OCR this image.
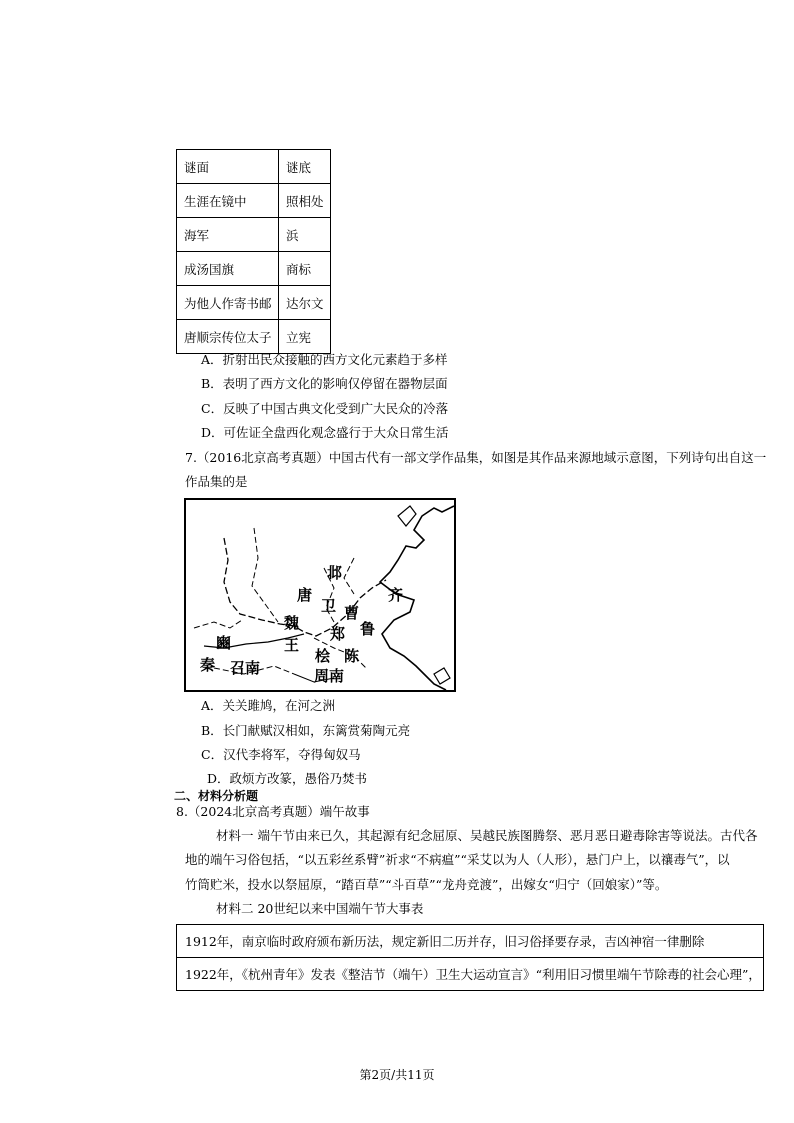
谜面	谜底
生涯在镜中	照相处
海军	浜
成汤国旗	商标
为他人作寄书邮	达尔文
唐顺宗传位太子	立宪
A．折射出民众接触的西方文化元素趋于多样
B．表明了西方文化的影响仅停留在器物层面
C．反映了中国古典文化受到广大民众的冷落
D．可佐证全盘西化观念盛行于大众日常生活
7.（2016北京高考真题）中国古代有一部文学作品集，如图是其作品来源地域示意图，下列诗句出自这一
作品集的是
邶
齐
唐
卫 曹
鲁
魏
郑
王
豳
秦 召南
桧 陈
周南
A．关关雎鸠，在河之洲
B．长门献赋汉相如，东篱赏菊陶元亮
C．汉代李将军，夺得匈奴马
D．政烦方改篆，愚俗乃焚书
二、材料分析题
8.（2024北京高考真题）端午故事
材料一 端午节由来已久，其起源有纪念屈原、吴越民族图腾祭、恶月恶日避毒除害等说法。古代各
地的端午习俗包括，“以五彩丝系臂”祈求“不病瘟”“采艾以为人（人形），悬门户上，以禳毒气”，以
竹筒贮米，投水以祭屈原，“踏百草”“斗百草”“龙舟竞渡”，出嫁女“归宁（回娘家）”等。
材料二 20世纪以来中国端午节大事表
1912年，南京临时政府颁布新历法，规定新旧二历并存，旧习俗择要存录，吉凶神宿一律删除
1922年，《杭州青年》发表《整洁节（端午）卫生大运动宣言》“利用旧习惯里端午节除毒的社会心理”，
第2页/共11页
